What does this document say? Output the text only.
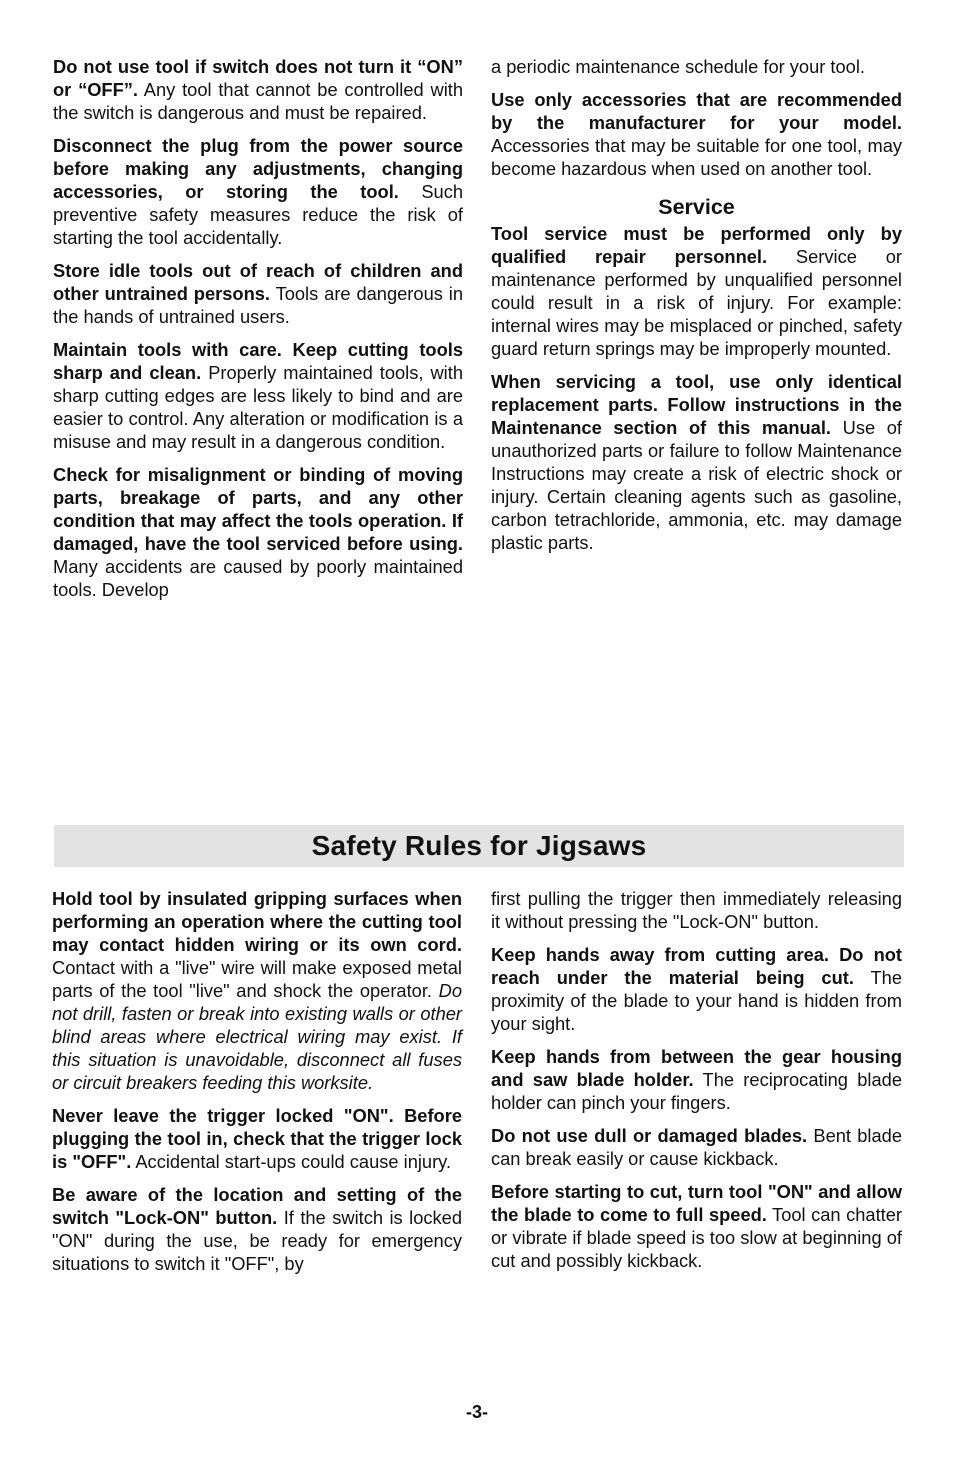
Do not use tool if switch does not turn it “ON” or “OFF”. Any tool that cannot be controlled with the switch is dangerous and must be repaired.

Disconnect the plug from the power source before making any adjustments, changing accessories, or storing the tool. Such preventive safety measures reduce the risk of starting the tool accidentally.

Store idle tools out of reach of children and other untrained persons. Tools are dangerous in the hands of untrained users.

Maintain tools with care. Keep cutting tools sharp and clean. Properly maintained tools, with sharp cutting edges are less likely to bind and are easier to control. Any alteration or modification is a misuse and may result in a dangerous condition.

Check for misalignment or binding of moving parts, breakage of parts, and any other condition that may affect the tools operation. If damaged, have the tool serviced before using. Many accidents are caused by poorly maintained tools. Develop

a periodic maintenance schedule for your tool.

Use only accessories that are recommended by the manufacturer for your model. Accessories that may be suitable for one tool, may become hazardous when used on another tool.

Service

Tool service must be performed only by qualified repair personnel. Service or maintenance performed by unqualified personnel could result in a risk of injury. For example: internal wires may be misplaced or pinched, safety guard return springs may be improperly mounted.

When servicing a tool, use only identical replacement parts. Follow instructions in the Maintenance section of this manual. Use of unauthorized parts or failure to follow Maintenance Instructions may create a risk of electric shock or injury. Certain cleaning agents such as gasoline, carbon tetrachloride, ammonia, etc. may damage plastic parts.

Safety Rules for Jigsaws

Hold tool by insulated gripping surfaces when performing an operation where the cutting tool may contact hidden wiring or its own cord. Contact with a "live" wire will make exposed metal parts of the tool "live" and shock the operator. Do not drill, fasten or break into existing walls or other blind areas where electrical wiring may exist. If this situation is unavoidable, disconnect all fuses or circuit breakers feeding this worksite.

Never leave the trigger locked "ON". Before plugging the tool in, check that the trigger lock is "OFF". Accidental start-ups could cause injury.

Be aware of the location and setting of the switch "Lock-ON" button. If the switch is locked "ON" during the use, be ready for emergency situations to switch it "OFF", by

first pulling the trigger then immediately releasing it without pressing the "Lock-ON" button.

Keep hands away from cutting area. Do not reach under the material being cut. The proximity of the blade to your hand is hidden from your sight.

Keep hands from between the gear housing and saw blade holder. The reciprocating blade holder can pinch your fingers.

Do not use dull or damaged blades. Bent blade can break easily or cause kickback.

Before starting to cut, turn tool "ON" and allow the blade to come to full speed. Tool can chatter or vibrate if blade speed is too slow at beginning of cut and possibly kickback.

-3-
